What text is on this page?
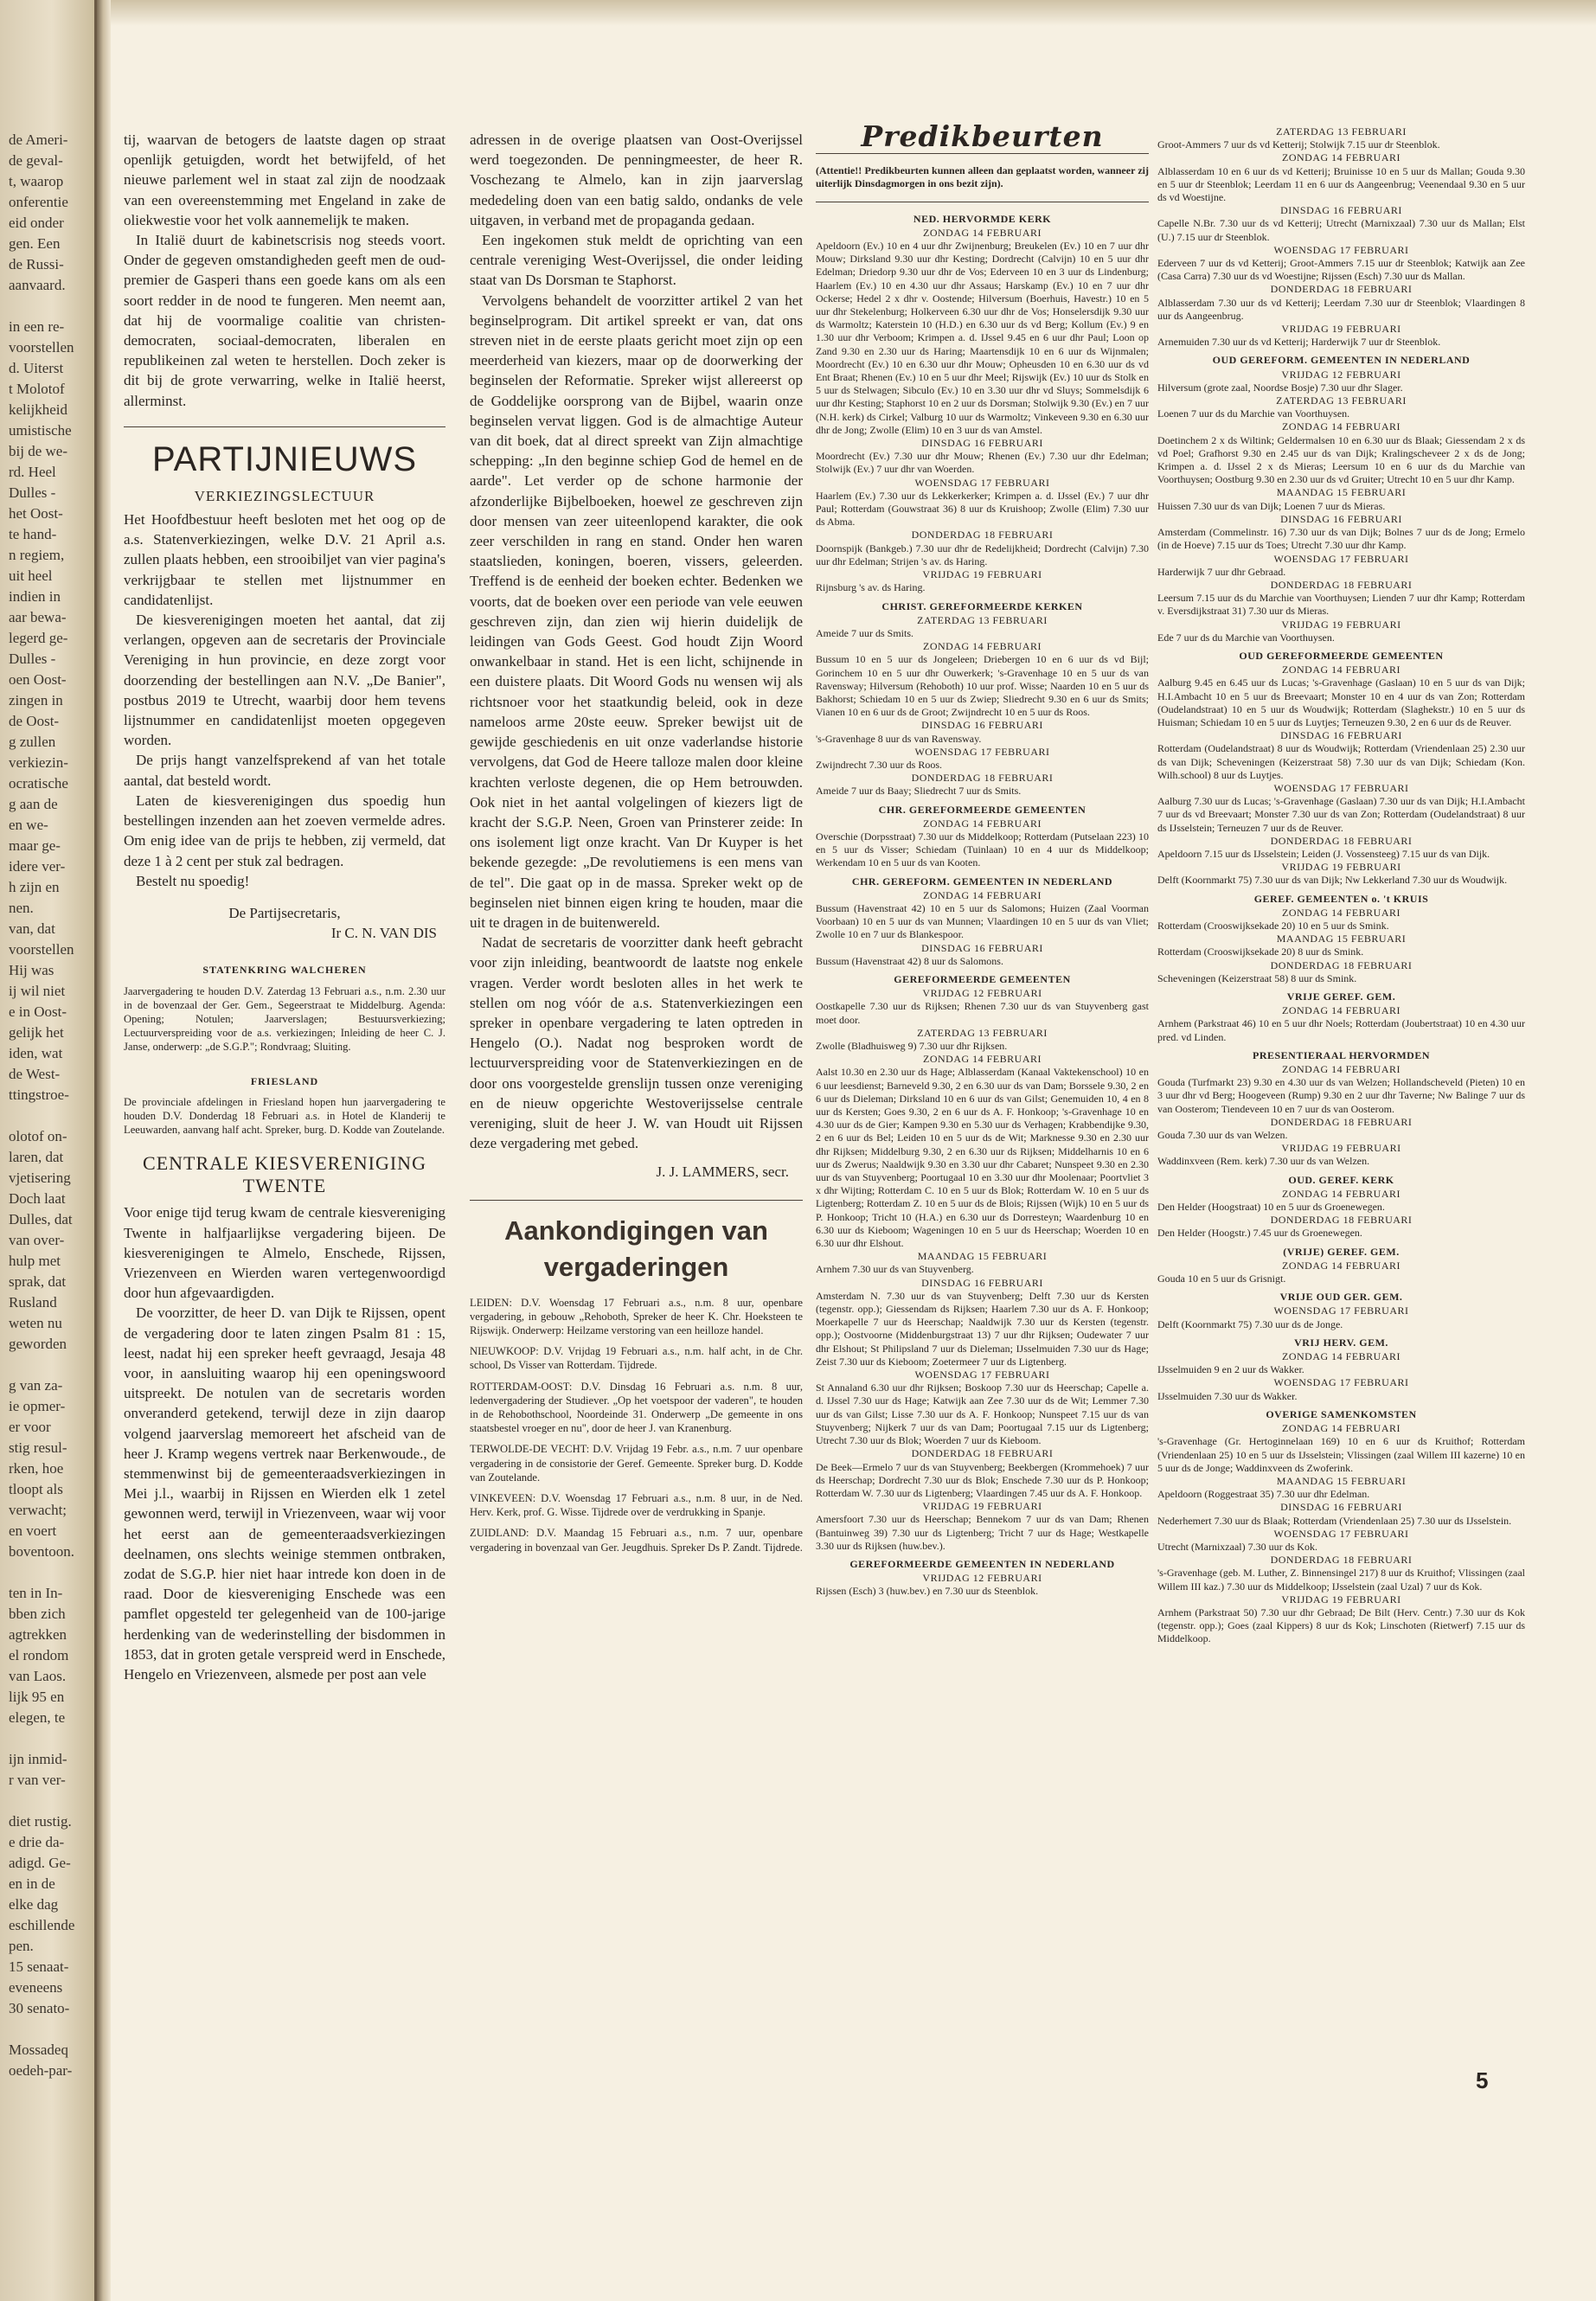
de Ameri-
de geval-
t, waarop
onferentie
eid onder
gen. Een
de Russi-
aanvaard.
in een re-
voorstellen
d. Uiterst
t Molotof
kelijkheid
umistische
bij de we-
rd. Heel
Dulles -
het Oost-
te hand-
n regiem,
uit heel
indien in
aar bewa-
legerd ge-
Dulles -
oen Oost-
zingen in
de Oost-
g zullen
verkiezin-
ocratische
g aan de
en we-
maar ge-
idere ver-
h zijn en
nen.
van, dat
voorstellen
Hij was
ij wil niet
e in Oost-
gelijk het
iden, wat
de West-
ttingstroe-
olotof on-
laren, dat
vjetisering
Doch laat
Dulles, dat
van over-
hulp met
sprak, dat
Rusland
weten nu
geworden
g van za-
ie opmer-
er voor
stig resul-
rken, hoe
tloopt als
verwacht;
en voert
boventoon.
ten in In-
bben zich
agtrekken
el rondom
van Laos.
lijk 95 en
elegen, te
ijn inmid-
r van ver-
diet rustig.
e drie da-
adigd. Ge-
en in de
elke dag
eschillende
pen.
15 senaat-
eveneens
30 senato-
Mossadeq
oedeh-par-

tij, waarvan de betogers de laatste dagen op straat openlijk getuigden, wordt het betwijfeld, of het nieuwe parlement wel in staat zal zijn de noodzaak van een overeenstemming met Engeland in zake de oliekwestie voor het volk aannemelijk te maken.

In Italië duurt de kabinetscrisis nog steeds voort. Onder de gegeven omstandigheden geeft men de oud-premier de Gasperi thans een goede kans om als een soort redder in de nood te fungeren. Men neemt aan, dat hij de voormalige coalitie van christen-democraten, sociaal-democraten, liberalen en republikeinen zal weten te herstellen. Doch zeker is dit bij de grote verwarring, welke in Italië heerst, allerminst.

PARTIJNIEUWS
VERKIEZINGSLECTUUR

Het Hoofdbestuur heeft besloten met het oog op de a.s. Statenverkiezingen, welke D.V. 21 April a.s. zullen plaats hebben, een strooibiljet van vier pagina's verkrijgbaar te stellen met lijstnummer en candidatenlijst.

De kiesverenigingen moeten het aantal, dat zij verlangen, opgeven aan de secretaris der Provinciale Vereniging in hun provincie, en deze zorgt voor doorzending der bestellingen aan N.V. „De Banier", postbus 2019 te Utrecht, waarbij door hem tevens lijstnummer en candidatenlijst moeten opgegeven worden.

De prijs hangt vanzelfsprekend af van het totale aantal, dat besteld wordt.

Laten de kiesverenigingen dus spoedig hun bestellingen inzenden aan het zoeven vermelde adres. Om enig idee van de prijs te hebben, zij vermeld, dat deze 1 à 2 cent per stuk zal bedragen.

Bestelt nu spoedig!

De Partijsecretaris,
Ir C. N. VAN DIS
STATENKRING WALCHEREN

Jaarvergadering te houden D.V. Zaterdag 13 Februari a.s., n.m. 2.30 uur in de bovenzaal der Ger. Gem., Segeerstraat te Middelburg. Agenda: Opening; Notulen; Jaarverslagen; Bestuursverkiezing; Lectuurverspreiding voor de a.s. verkiezingen; Inleiding de heer C. J. Janse, onderwerp: „de S.G.P."; Rondvraag; Sluiting.

FRIESLAND

De provinciale afdelingen in Friesland hopen hun jaarvergadering te houden D.V. Donderdag 18 Februari a.s. in Hotel de Klanderij te Leeuwarden, aanvang half acht. Spreker, burg. D. Kodde van Zoutelande.

CENTRALE KIESVERENIGING TWENTE

Voor enige tijd terug kwam de centrale kiesvereniging Twente in halfjaarlijkse vergadering bijeen. De kiesverenigingen te Almelo, Enschede, Rijssen, Vriezenveen en Wierden waren vertegenwoordigd door hun afgevaardigden.

De voorzitter, de heer D. van Dijk te Rijssen, opent de vergadering door te laten zingen Psalm 81 : 15, leest, nadat hij een spreker heeft gevraagd, Jesaja 48 voor, in aansluiting waarop hij een openingswoord uitspreekt. De notulen van de secretaris worden onveranderd getekend, terwijl deze in zijn daarop volgend jaarverslag memoreert het afscheid van de heer J. Kramp wegens vertrek naar Berkenwoude., de stemmenwinst bij de gemeenteraadsverkiezingen in Mei j.l., waarbij in Rijssen en Wierden elk 1 zetel gewonnen werd, terwijl in Vriezenveen, waar wij voor het eerst aan de gemeenteraadsverkiezingen deelnamen, ons slechts weinige stemmen ontbraken, zodat de S.G.P. hier niet haar intrede kon doen in de raad. Door de kiesvereniging Enschede was een pamflet opgesteld ter gelegenheid van de 100-jarige herdenking van de wederinstelling der bisdommen in 1853, dat in groten getale verspreid werd in Enschede, Hengelo en Vriezenveen, alsmede per post aan vele

adressen in de overige plaatsen van Oost-Overijssel werd toegezonden. De penningmeester, de heer R. Voschezang te Almelo, kan in zijn jaarverslag mededeling doen van een batig saldo, ondanks de vele uitgaven, in verband met de propaganda gedaan.

Een ingekomen stuk meldt de oprichting van een centrale vereniging West-Overijssel, die onder leiding staat van Ds Dorsman te Staphorst.

Vervolgens behandelt de voorzitter artikel 2 van het beginselprogram. Dit artikel spreekt er van, dat ons streven niet in de eerste plaats gericht moet zijn op een meerderheid van kiezers, maar op de doorwerking der beginselen der Reformatie. Spreker wijst allereerst op de Goddelijke oorsprong van de Bijbel, waarin onze beginselen vervat liggen. God is de almachtige Auteur van dit boek, dat al direct spreekt van Zijn almachtige schepping: „In den beginne schiep God de hemel en de aarde". Let verder op de schone harmonie der afzonderlijke Bijbelboeken, hoewel ze geschreven zijn door mensen van zeer uiteenlopend karakter, die ook zeer verschilden in rang en stand. Onder hen waren staatslieden, koningen, boeren, vissers, geleerden. Treffend is de eenheid der boeken echter. Bedenken we voorts, dat de boeken over een periode van vele eeuwen geschreven zijn, dan zien wij hierin duidelijk de leidingen van Gods Geest. God houdt Zijn Woord onwankelbaar in stand. Het is een licht, schijnende in een duistere plaats. Dit Woord Gods nu wensen wij als richtsnoer voor het staatkundig beleid, ook in deze nameloos arme 20ste eeuw. Spreker bewijst uit de gewijde geschiedenis en uit onze vaderlandse historie vervolgens, dat God de Heere talloze malen door kleine krachten verloste degenen, die op Hem betrouwden. Ook niet in het aantal volgelingen of kiezers ligt de kracht der S.G.P. Neen, Groen van Prinsterer zeide: In ons isolement ligt onze kracht. Van Dr Kuyper is het bekende gezegde: „De revolutiemens is een mens van de tel". Die gaat op in de massa. Spreker wekt op de beginselen niet binnen eigen kring te houden, maar die uit te dragen in de buitenwereld.

Nadat de secretaris de voorzitter dank heeft gebracht voor zijn inleiding, beantwoordt de laatste nog enkele vragen. Verder wordt besloten alles in het werk te stellen om nog vóór de a.s. Statenverkiezingen een spreker in openbare vergadering te laten optreden in Hengelo (O.). Nadat nog besproken wordt de lectuurverspreiding voor de Statenverkiezingen en de door ons voorgestelde grenslijn tussen onze vereniging en de nieuw opgerichte Westoverijsselse centrale vereniging, sluit de heer J. W. van Houdt uit Rijssen deze vergadering met gebed.

J. J. LAMMERS, secr.
Aankondigingen van vergaderingen

LEIDEN: D.V. Woensdag 17 Februari a.s., n.m. 8 uur, openbare vergadering, in gebouw „Rehoboth, Spreker de heer K. Chr. Hoeksteen te Rijswijk. Onderwerp: Heilzame verstoring van een heilloze handel.

NIEUWKOOP: D.V. Vrijdag 19 Februari a.s., n.m. half acht, in de Chr. school, Ds Visser van Rotterdam. Tijdrede.

ROTTERDAM-OOST: D.V. Dinsdag 16 Februari a.s. n.m. 8 uur, ledenvergadering der Studiever. „Op het voetspoor der vaderen", te houden in de Rehobothschool, Noordeinde 31. Onderwerp „De gemeente in ons staatsbestel vroeger en nu", door de heer J. van Kranenburg.

TERWOLDE-DE VECHT: D.V. Vrijdag 19 Febr. a.s., n.m. 7 uur openbare vergadering in de consistorie der Geref. Gemeente. Spreker burg. D. Kodde van Zoutelande.

VINKEVEEN: D.V. Woensdag 17 Februari a.s., n.m. 8 uur, in de Ned. Herv. Kerk, prof. G. Wisse. Tijdrede over de verdrukking in Spanje.

ZUIDLAND: D.V. Maandag 15 Februari a.s., n.m. 7 uur, openbare vergadering in bovenzaal van Ger. Jeugdhuis. Spreker Ds P. Zandt. Tijdrede.

Predikbeurten

(Attentie!! Predikbeurten kunnen alleen dan geplaatst worden, wanneer zij uiterlijk Dinsdagmorgen in ons bezit zijn).

NED. HERVORMDE KERK
ZONDAG 14 FEBRUARI

Apeldoorn (Ev.) 10 en 4 uur dhr Zwijnenburg; Breukelen (Ev.) 10 en 7 uur dhr Mouw; Dirksland 9.30 uur dhr Kesting; Dordrecht (Calvijn) 10 en 5 uur dhr Edelman; Driedorp 9.30 uur dhr de Vos; Ederveen 10 en 3 uur ds Lindenburg; Haarlem (Ev.) 10 en 4.30 uur dhr Assaus; Harskamp (Ev.) 10 en 7 uur dhr Ockerse; Hedel 2 x dhr v. Oostende; Hilversum (Boerhuis, Havestr.) 10 en 5 uur dhr Stekelenburg; Holkerveen 6.30 uur dhr de Vos; Honselersdijk 9.30 uur ds Warmoltz; Katerstein 10 (H.D.) en 6.30 uur ds vd Berg; Kollum (Ev.) 9 en 1.30 uur dhr Verboom; Krimpen a. d. IJssel 9.45 en 6 uur dhr Paul; Loon op Zand 9.30 en 2.30 uur ds Haring; Maartensdijk 10 en 6 uur ds Wijnmalen; Moordrecht (Ev.) 10 en 6.30 uur dhr Mouw; Opheusden 10 en 6.30 uur ds vd Ent Braat; Rhenen (Ev.) 10 en 5 uur dhr Meel; Rijswijk (Ev.) 10 uur ds Stolk en 5 uur ds Stelwagen; Sibculo (Ev.) 10 en 3.30 uur dhr vd Sluys; Sommelsdijk 6 uur dhr Kesting; Staphorst 10 en 2 uur ds Dorsman; Stolwijk 9.30 (Ev.) en 7 uur (N.H. kerk) ds Cirkel; Valburg 10 uur ds Warmoltz; Vinkeveen 9.30 en 6.30 uur dhr de Jong; Zwolle (Elim) 10 en 3 uur ds van Amstel.

DINSDAG 16 FEBRUARI

Moordrecht (Ev.) 7.30 uur dhr Mouw; Rhenen (Ev.) 7.30 uur dhr Edelman; Stolwijk (Ev.) 7 uur dhr van Woerden.

WOENSDAG 17 FEBRUARI

Haarlem (Ev.) 7.30 uur ds Lekkerkerker; Krimpen a. d. IJssel (Ev.) 7 uur dhr Paul; Rotterdam (Gouwstraat 36) 8 uur ds Kruishoop; Zwolle (Elim) 7.30 uur ds Abma.

DONDERDAG 18 FEBRUARI

Doornspijk (Bankgeb.) 7.30 uur dhr de Redelijkheid; Dordrecht (Calvijn) 7.30 uur dhr Edelman; Strijen 's av. ds Haring.

VRIJDAG 19 FEBRUARI

Rijnsburg 's av. ds Haring.

CHRIST. GEREFORMEERDE KERKEN
ZATERDAG 13 FEBRUARI

Ameide 7 uur ds Smits.

ZONDAG 14 FEBRUARI

Bussum 10 en 5 uur ds Jongeleen; Driebergen 10 en 6 uur ds vd Bijl; Gorinchem 10 en 5 uur dhr Ouwerkerk; 's-Gravenhage 10 en 5 uur ds van Ravensway; Hilversum (Rehoboth) 10 uur prof. Wisse; Naarden 10 en 5 uur ds Bakhorst; Schiedam 10 en 5 uur ds Zwiep; Sliedrecht 9.30 en 6 uur ds Smits; Vianen 10 en 6 uur ds de Groot; Zwijndrecht 10 en 5 uur ds Roos.

DINSDAG 16 FEBRUARI

's-Gravenhage 8 uur ds van Ravensway.

WOENSDAG 17 FEBRUARI

Zwijndrecht 7.30 uur ds Roos.

DONDERDAG 18 FEBRUARI

Ameide 7 uur ds Baay; Sliedrecht 7 uur ds Smits.

CHR. GEREFORMEERDE GEMEENTEN
ZONDAG 14 FEBRUARI

Overschie (Dorpsstraat) 7.30 uur ds Middelkoop; Rotterdam (Putselaan 223) 10 en 5 uur ds Visser; Schiedam (Tuinlaan) 10 en 4 uur ds Middelkoop; Werkendam 10 en 5 uur ds van Kooten.

CHR. GEREFORM. GEMEENTEN IN NEDERLAND
ZONDAG 14 FEBRUARI

Bussum (Havenstraat 42) 10 en 5 uur ds Salomons; Huizen (Zaal Voorman Voorbaan) 10 en 5 uur ds van Munnen; Vlaardingen 10 en 5 uur ds van Vliet; Zwolle 10 en 7 uur ds Blankespoor.

DINSDAG 16 FEBRUARI

Bussum (Havenstraat 42) 8 uur ds Salomons.

GEREFORMEERDE GEMEENTEN
VRIJDAG 12 FEBRUARI

Oostkapelle 7.30 uur ds Rijksen; Rhenen 7.30 uur ds van Stuyvenberg gast moet door.

ZATERDAG 13 FEBRUARI

Zwolle (Bladhuisweg 9) 7.30 uur dhr Rijksen.

ZONDAG 14 FEBRUARI

Aalst 10.30 en 2.30 uur ds Hage; Alblasserdam (Kanaal Vaktekenschool) 10 en 6 uur leesdienst; Barneveld 9.30, 2 en 6.30 uur ds van Dam; Borssele 9.30, 2 en 6 uur ds Dieleman; Dirksland 10 en 6 uur ds van Gilst; Genemuiden 10, 4 en 8 uur ds Kersten; Goes 9.30, 2 en 6 uur ds A. F. Honkoop; 's-Gravenhage 10 en 4.30 uur ds de Gier; Kampen 9.30 en 5.30 uur ds Verhagen; Krabbendijke 9.30, 2 en 6 uur ds Bel; Leiden 10 en 5 uur ds de Wit; Marknesse 9.30 en 2.30 uur dhr Rijksen; Middelburg 9.30, 2 en 6.30 uur ds Rijksen; Middelharnis 10 en 6 uur ds Zwerus; Naaldwijk 9.30 en 3.30 uur dhr Cabaret; Nunspeet 9.30 en 2.30 uur ds van Stuyvenberg; Poortugaal 10 en 3.30 uur dhr Moolenaar; Poortvliet 3 x dhr Wijting; Rotterdam C. 10 en 5 uur ds Blok; Rotterdam W. 10 en 5 uur ds Ligtenberg; Rotterdam Z. 10 en 5 uur ds de Blois; Rijssen (Wijk) 10 en 5 uur ds P. Honkoop; Tricht 10 (H.A.) en 6.30 uur ds Dorresteyn; Waardenburg 10 en 6.30 uur ds Kieboom; Wageningen 10 en 5 uur ds Heerschap; Woerden 10 en 6.30 uur dhr Elshout.

MAANDAG 15 FEBRUARI

Arnhem 7.30 uur ds van Stuyvenberg.

DINSDAG 16 FEBRUARI

Amsterdam N. 7.30 uur ds van Stuyvenberg; Delft 7.30 uur ds Kersten (tegenstr. opp.); Giessendam ds Rijksen; Haarlem 7.30 uur ds A. F. Honkoop; Moerkapelle 7 uur ds Heerschap; Naaldwijk 7.30 uur ds Kersten (tegenstr. opp.); Oostvoorne (Middenburgstraat 13) 7 uur dhr Rijksen; Oudewater 7 uur dhr Elshout; St Philipsland 7 uur ds Dieleman; IJsselmuiden 7.30 uur ds Hage; Zeist 7.30 uur ds Kieboom; Zoetermeer 7 uur ds Ligtenberg.

WOENSDAG 17 FEBRUARI

St Annaland 6.30 uur dhr Rijksen; Boskoop 7.30 uur ds Heerschap; Capelle a. d. IJssel 7.30 uur ds Hage; Katwijk aan Zee 7.30 uur ds de Wit; Lemmer 7.30 uur ds van Gilst; Lisse 7.30 uur ds A. F. Honkoop; Nunspeet 7.15 uur ds van Stuyvenberg; Nijkerk 7 uur ds van Dam; Poortugaal 7.15 uur ds Ligtenberg; Utrecht 7.30 uur ds Blok; Woerden 7 uur ds Kieboom.

DONDERDAG 18 FEBRUARI

De Beek—Ermelo 7 uur ds van Stuyvenberg; Beekbergen (Krommehoek) 7 uur ds Heerschap; Dordrecht 7.30 uur ds Blok; Enschede 7.30 uur ds P. Honkoop; Rotterdam W. 7.30 uur ds Ligtenberg; Vlaardingen 7.45 uur ds A. F. Honkoop.

VRIJDAG 19 FEBRUARI

Amersfoort 7.30 uur ds Heerschap; Bennekom 7 uur ds van Dam; Rhenen (Bantuinweg 39) 7.30 uur ds Ligtenberg; Tricht 7 uur ds Hage; Westkapelle 3.30 uur ds Rijksen (huw.bev.).

GEREFORMEERDE GEMEENTEN IN NEDERLAND
VRIJDAG 12 FEBRUARI

Rijssen (Esch) 3 (huw.bev.) en 7.30 uur ds Steenblok.

ZATERDAG 13 FEBRUARI

Groot-Ammers 7 uur ds vd Ketterij; Stolwijk 7.15 uur dr Steenblok.

ZONDAG 14 FEBRUARI

Alblasserdam 10 en 6 uur ds vd Ketterij; Bruinisse 10 en 5 uur ds Mallan; Gouda 9.30 en 5 uur dr Steenblok; Leerdam 11 en 6 uur ds Aangeenbrug; Veenendaal 9.30 en 5 uur ds vd Woestijne.

DINSDAG 16 FEBRUARI

Capelle N.Br. 7.30 uur ds vd Ketterij; Utrecht (Marnixzaal) 7.30 uur ds Mallan; Elst (U.) 7.15 uur dr Steenblok.

WOENSDAG 17 FEBRUARI

Ederveen 7 uur ds vd Ketterij; Groot-Ammers 7.15 uur dr Steenblok; Katwijk aan Zee (Casa Carra) 7.30 uur ds vd Woestijne; Rijssen (Esch) 7.30 uur ds Mallan.

DONDERDAG 18 FEBRUARI

Alblasserdam 7.30 uur ds vd Ketterij; Leerdam 7.30 uur dr Steenblok; Vlaardingen 8 uur ds Aangeenbrug.

VRIJDAG 19 FEBRUARI

Arnemuiden 7.30 uur ds vd Ketterij; Harderwijk 7 uur dr Steenblok.

OUD GEREFORM. GEMEENTEN IN NEDERLAND
VRIJDAG 12 FEBRUARI

Hilversum (grote zaal, Noordse Bosje) 7.30 uur dhr Slager.

ZATERDAG 13 FEBRUARI

Loenen 7 uur ds du Marchie van Voorthuysen.

ZONDAG 14 FEBRUARI

Doetinchem 2 x ds Wiltink; Geldermalsen 10 en 6.30 uur ds Blaak; Giessendam 2 x ds vd Poel; Grafhorst 9.30 en 2.45 uur ds van Dijk; Kralingscheveer 2 x ds de Jong; Krimpen a. d. IJssel 2 x ds Mieras; Leersum 10 en 6 uur ds du Marchie van Voorthuysen; Oostburg 9.30 en 2.30 uur ds vd Gruiter; Utrecht 10 en 5 uur dhr Kamp.

MAANDAG 15 FEBRUARI

Huissen 7.30 uur ds van Dijk; Loenen 7 uur ds Mieras.

DINSDAG 16 FEBRUARI

Amsterdam (Commelinstr. 16) 7.30 uur ds van Dijk; Bolnes 7 uur ds de Jong; Ermelo (in de Hoeve) 7.15 uur ds Toes; Utrecht 7.30 uur dhr Kamp.

WOENSDAG 17 FEBRUARI

Harderwijk 7 uur dhr Gebraad.

DONDERDAG 18 FEBRUARI

Leersum 7.15 uur ds du Marchie van Voorthuysen; Lienden 7 uur dhr Kamp; Rotterdam v. Eversdijkstraat 31) 7.30 uur ds Mieras.

VRIJDAG 19 FEBRUARI

Ede 7 uur ds du Marchie van Voorthuysen.

OUD GEREFORMEERDE GEMEENTEN
ZONDAG 14 FEBRUARI

Aalburg 9.45 en 6.45 uur ds Lucas; 's-Gravenhage (Gaslaan) 10 en 5 uur ds van Dijk; H.I.Ambacht 10 en 5 uur ds Breevaart; Monster 10 en 4 uur ds van Zon; Rotterdam (Oudelandstraat) 10 en 5 uur ds Woudwijk; Rotterdam (Slaghekstr.) 10 en 5 uur ds Huisman; Schiedam 10 en 5 uur ds Luytjes; Terneuzen 9.30, 2 en 6 uur ds de Reuver.

DINSDAG 16 FEBRUARI

Rotterdam (Oudelandstraat) 8 uur ds Woudwijk; Rotterdam (Vriendenlaan 25) 2.30 uur ds van Dijk; Scheveningen (Keizerstraat 58) 7.30 uur ds van Dijk; Schiedam (Kon. Wilh.school) 8 uur ds Luytjes.

WOENSDAG 17 FEBRUARI

Aalburg 7.30 uur ds Lucas; 's-Gravenhage (Gaslaan) 7.30 uur ds van Dijk; H.I.Ambacht 7 uur ds vd Breevaart; Monster 7.30 uur ds van Zon; Rotterdam (Oudelandstraat) 8 uur ds IJsselstein; Terneuzen 7 uur ds de Reuver.

DONDERDAG 18 FEBRUARI

Apeldoorn 7.15 uur ds IJsselstein; Leiden (J. Vossensteeg) 7.15 uur ds van Dijk.

VRIJDAG 19 FEBRUARI

Delft (Koornmarkt 75) 7.30 uur ds van Dijk; Nw Lekkerland 7.30 uur ds Woudwijk.

GEREF. GEMEENTEN o. 't KRUIS
ZONDAG 14 FEBRUARI

Rotterdam (Crooswijksekade 20) 10 en 5 uur ds Smink.

MAANDAG 15 FEBRUARI

Rotterdam (Crooswijksekade 20) 8 uur ds Smink.

DONDERDAG 18 FEBRUARI

Scheveningen (Keizerstraat 58) 8 uur ds Smink.

VRIJE GEREF. GEM.
ZONDAG 14 FEBRUARI

Arnhem (Parkstraat 46) 10 en 5 uur dhr Noels; Rotterdam (Joubertstraat) 10 en 4.30 uur pred. vd Linden.

PRESENTIERAAL HERVORMDEN
ZONDAG 14 FEBRUARI

Gouda (Turfmarkt 23) 9.30 en 4.30 uur ds van Welzen; Hollandscheveld (Pieten) 10 en 3 uur dhr vd Berg; Hoogeveen (Rump) 9.30 en 2 uur dhr Taverne; Nw Balinge 7 uur ds van Oosterom; Tiendeveen 10 en 7 uur ds van Oosterom.

DONDERDAG 18 FEBRUARI

Gouda 7.30 uur ds van Welzen.

VRIJDAG 19 FEBRUARI

Waddinxveen (Rem. kerk) 7.30 uur ds van Welzen.

OUD. GEREF. KERK
ZONDAG 14 FEBRUARI

Den Helder (Hoogstraat) 10 en 5 uur ds Groenewegen.

DONDERDAG 18 FEBRUARI

Den Helder (Hoogstr.) 7.45 uur ds Groenewegen.

(VRIJE) GEREF. GEM.
ZONDAG 14 FEBRUARI

Gouda 10 en 5 uur ds Grisnigt.

VRIJE OUD GER. GEM.
WOENSDAG 17 FEBRUARI

Delft (Koornmarkt 75) 7.30 uur ds de Jonge.

VRIJ HERV. GEM.
ZONDAG 14 FEBRUARI

IJsselmuiden 9 en 2 uur ds Wakker.

WOENSDAG 17 FEBRUARI

IJsselmuiden 7.30 uur ds Wakker.

OVERIGE SAMENKOMSTEN
ZONDAG 14 FEBRUARI

's-Gravenhage (Gr. Hertoginnelaan 169) 10 en 6 uur ds Kruithof; Rotterdam (Vriendenlaan 25) 10 en 5 uur ds IJsselstein; Vlissingen (zaal Willem III kazerne) 10 en 5 uur ds de Jonge; Waddinxveen ds Zwoferink.

MAANDAG 15 FEBRUARI

Apeldoorn (Roggestraat 35) 7.30 uur dhr Edelman.

DINSDAG 16 FEBRUARI

Nederhemert 7.30 uur ds Blaak; Rotterdam (Vriendenlaan 25) 7.30 uur ds IJsselstein.

WOENSDAG 17 FEBRUARI

Utrecht (Marnixzaal) 7.30 uur ds Kok.

DONDERDAG 18 FEBRUARI

's-Gravenhage (geb. M. Luther, Z. Binnensingel 217) 8 uur ds Kruithof; Vlissingen (zaal Willem III kaz.) 7.30 uur ds Middelkoop; IJsselstein (zaal Uzal) 7 uur ds Kok.

VRIJDAG 19 FEBRUARI

Arnhem (Parkstraat 50) 7.30 uur dhr Gebraad; De Bilt (Herv. Centr.) 7.30 uur ds Kok (tegenstr. opp.); Goes (zaal Kippers) 8 uur ds Kok; Linschoten (Rietwerf) 7.15 uur ds Middelkoop.

5
